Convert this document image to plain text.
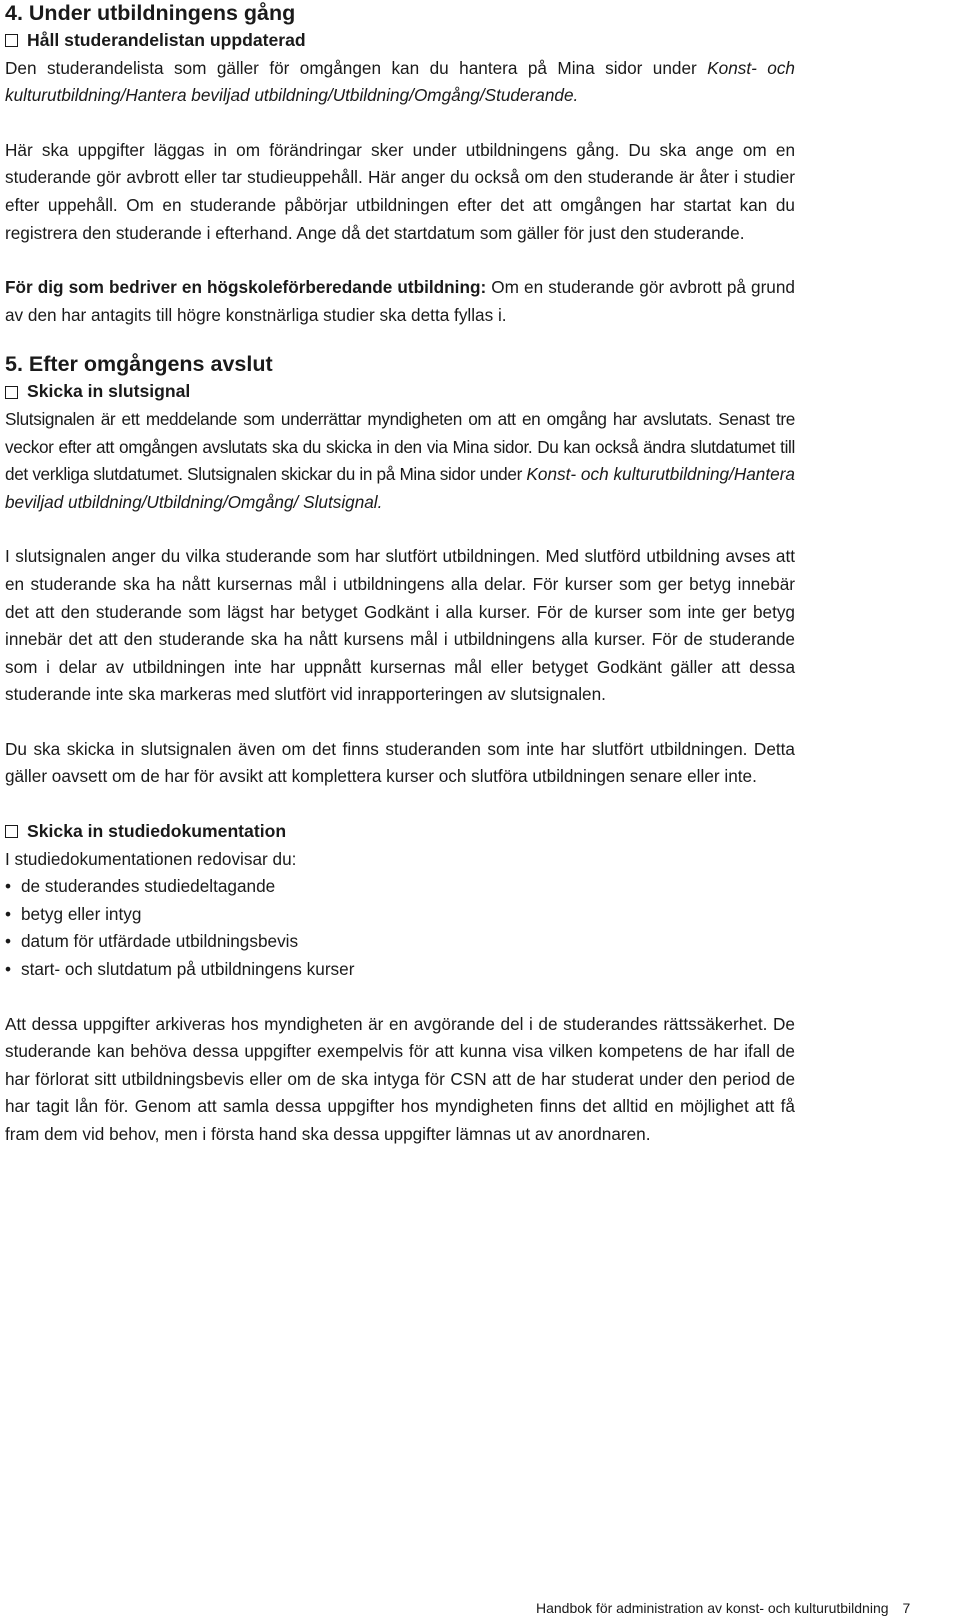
4. Under utbildningens gång
Håll studerandelistan uppdaterad

Den studerandelista som gäller för omgången kan du hantera på Mina sidor under Konst- och kulturutbildning/Hantera beviljad utbildning/Utbildning/Omgång/Studerande.

Här ska uppgifter läggas in om förändringar sker under utbildningens gång. Du ska ange om en studerande gör avbrott eller tar studieuppehåll. Här anger du också om den studerande är åter i studier efter uppehåll. Om en studerande påbörjar utbildningen efter det att omgången har startat kan du registrera den studerande i efterhand. Ange då det startdatum som gäller för just den studerande.

För dig som bedriver en högskoleförberedande utbildning: Om en studerande gör avbrott på grund av den har antagits till högre konstnärliga studier ska detta fyllas i.

5. Efter omgångens avslut
Skicka in slutsignal

Slutsignalen är ett meddelande som underrättar myndigheten om att en omgång har avslutats. Senast tre veckor efter att omgången avslutats ska du skicka in den via Mina sidor. Du kan också ändra slutdatumet till det verkliga slutdatumet. Slutsignalen skickar du in på Mina sidor under Konst- och kulturutbildning/Hantera beviljad utbildning/Utbildning/Omgång/ Slutsignal.

I slutsignalen anger du vilka studerande som har slutfört utbildningen. Med slutförd utbildning avses att en studerande ska ha nått kursernas mål i utbildningens alla delar. För kurser som ger betyg innebär det att den studerande som lägst har betyget Godkänt i alla kurser. För de kurser som inte ger betyg innebär det att den studerande ska ha nått kursens mål i utbildningens alla kurser. För de studerande som i delar av utbildningen inte har uppnått kursernas mål eller betyget Godkänt gäller att dessa studerande inte ska markeras med slutfört vid inrapporteringen av slutsignalen.

Du ska skicka in slutsignalen även om det finns studeranden som inte har slutfört utbildningen. Detta gäller oavsett om de har för avsikt att komplettera kurser och slutföra utbildningen senare eller inte.

Skicka in studiedokumentation

I studiedokumentationen redovisar du:

• de studerandes studiedeltagande
• betyg eller intyg
• datum för utfärdade utbildningsbevis
• start- och slutdatum på utbildningens kurser

Att dessa uppgifter arkiveras hos myndigheten är en avgörande del i de studerandes rättssäkerhet. De studerande kan behöva dessa uppgifter exempelvis för att kunna visa vilken kompetens de har ifall de har förlorat sitt utbildningsbevis eller om de ska intyga för CSN att de har studerat under den period de har tagit lån för. Genom att samla dessa uppgifter hos myndigheten finns det alltid en möjlighet att få fram dem vid behov, men i första hand ska dessa uppgifter lämnas ut av anordnaren.

Handbok för administration av konst- och kulturutbildning 7
